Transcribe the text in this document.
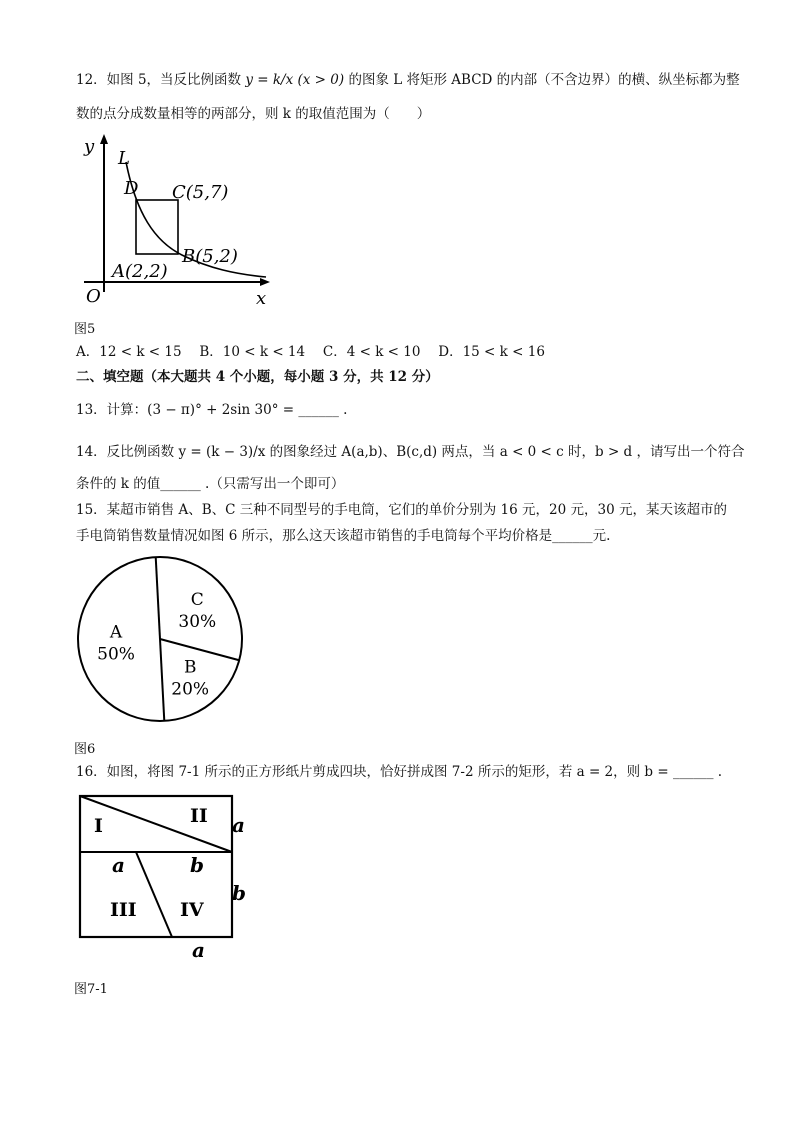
12．如图 5，当反比例函数 y = k/x (x > 0) 的图象 L 将矩形 ABCD 的内部（不含边界）的横、纵坐标都为整
数的点分成数量相等的两部分，则 k 的取值范围为（　　）
y
x
O
L
D C(5,7)
B(5,2)
A(2,2)
图5
A．12 < k < 15　 B．10 < k < 14　 C．4 < k < 10　 D．15 < k < 16
二、填空题（本大题共 4 个小题，每小题 3 分，共 12 分）
13．计算：(3 − π)° + 2sin 30° = ______ .
14．反比例函数 y = (k − 3)/x 的图象经过 A(a,b)、B(c,d) 两点，当 a < 0 < c 时，b > d ，请写出一个符合
条件的 k 的值______ .（只需写出一个即可）
15．某超市销售 A、B、C 三种不同型号的手电筒，它们的单价分别为 16 元，20 元，30 元，某天该超市的
手电筒销售数量情况如图 6 所示，那么这天该超市销售的手电筒每个平均价格是______元.
A
50%
B
20%
C
30%
图6
16．如图，将图 7-1 所示的正方形纸片剪成四块，恰好拼成图 7-2 所示的矩形，若 a = 2，则 b = ______ .
I	II
III IV
a	b
a
b
a
图7-1
